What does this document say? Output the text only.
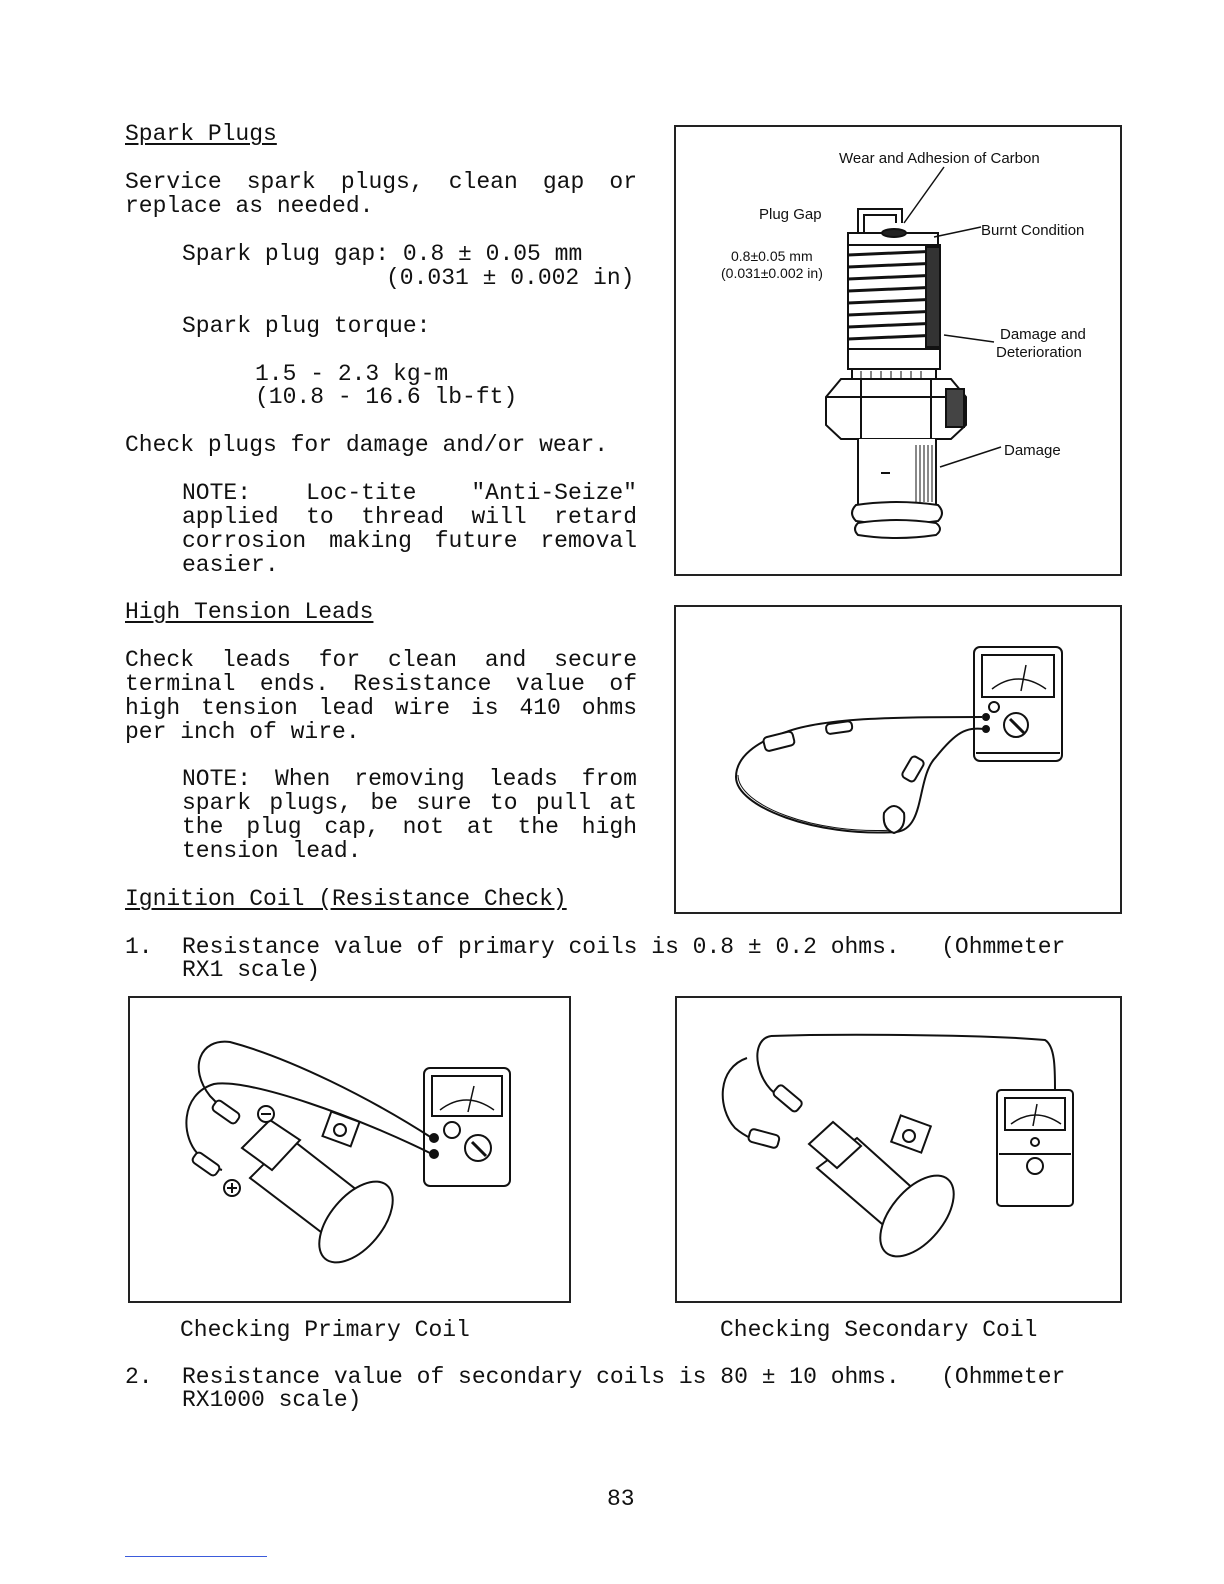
Spark Plugs
Service spark plugs, clean gap or replace as needed.
Spark plug gap: 0.8 ± 0.05 mm
(0.031 ± 0.002 in)
Spark plug torque:
1.5 - 2.3 kg-m
(10.8 - 16.6 lb-ft)
Check plugs for damage and/or wear.
NOTE: Loc-tite "Anti-Seize" applied to thread will retard corrosion making future removal easier.
Wear and Adhesion of Carbon
Plug Gap
0.8±0.05 mm
(0.031±0.002 in)
Burnt Condition
Damage and
Deterioration
Damage
High Tension Leads
Check leads for clean and secure terminal ends. Resistance value of high tension lead wire is 410 ohms per inch of wire.
NOTE: When removing leads from spark plugs, be sure to pull at the plug cap, not at the high tension lead.
Ignition Coil (Resistance Check)
1. Resistance value of primary coils is 0.8 ± 0.2 ohms.   (Ohmmeter
RX1 scale)
Checking Primary Coil	Checking Secondary Coil
2. Resistance value of secondary coils is 80 ± 10 ohms.   (Ohmmeter
RX1000 scale)
83
